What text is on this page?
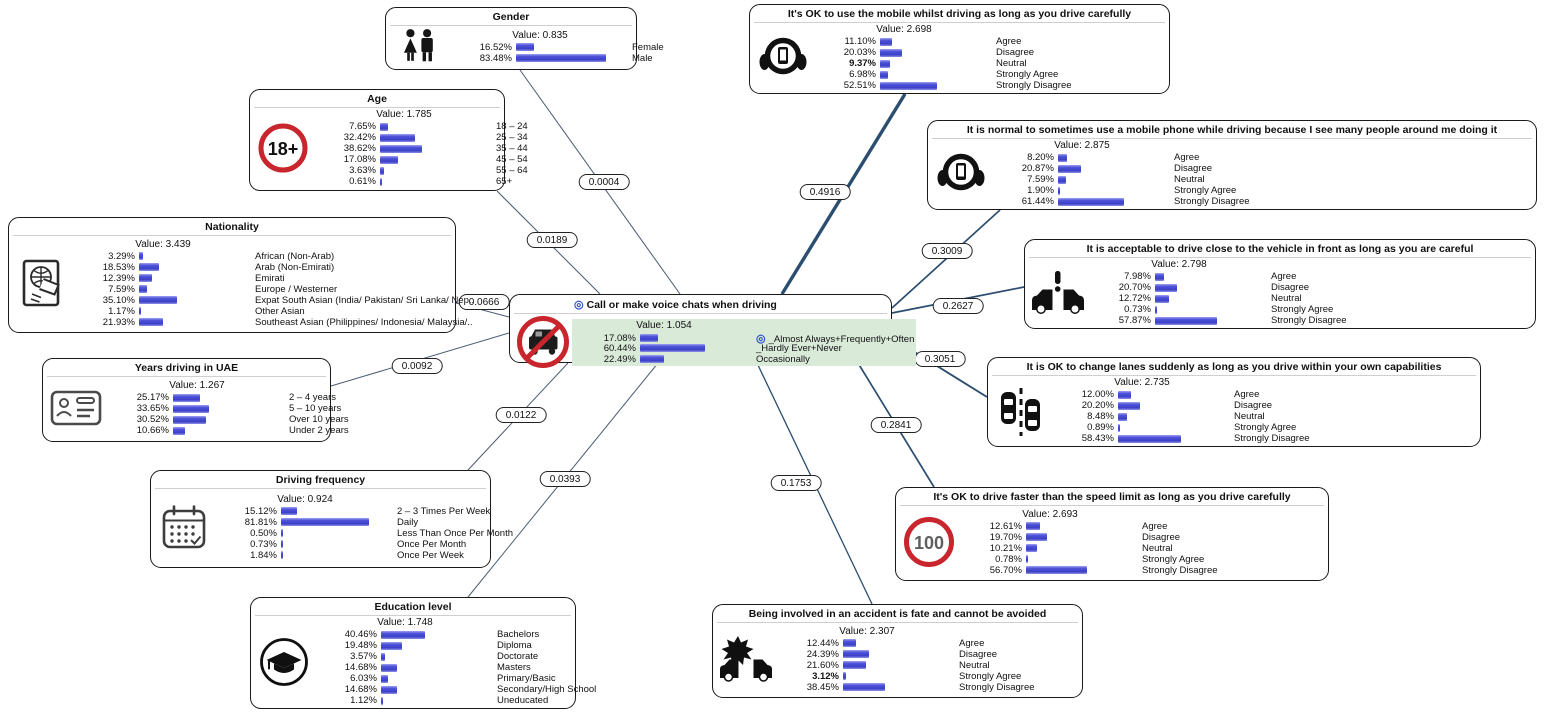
0.0004
0.0189
0.0666
0.0092
0.0122
0.0393
0.4916
0.3009
0.2627
0.3051
0.2841
0.1753
Gender
Value: 0.835
16.52%	Female
83.48%	Male
Age
18+
Value: 1.785
7.65%	18 – 24
32.42%	25 – 34
38.62%	35 – 44
17.08%	45 – 54
3.63%	55 – 64
0.61%	65+
Nationality
Value: 3.439
3.29%	African (Non-Arab)
18.53%	Arab (Non-Emirati)
12.39%	Emirati
7.59%	Europe / Westerner
35.10%	Expat South Asian (India/ Pakistan/ Sri Lanka/ Nep..
1.17%	Other Asian
21.93%	Southeast Asian (Philippines/ Indonesia/ Malaysia/..
Years driving in UAE
Value: 1.267
25.17%	2 – 4 years
33.65%	5 – 10 years
30.52%	Over 10 years
10.66%	Under 2 years
Driving frequency
Value: 0.924
15.12%	2 – 3 Times Per Week
81.81%	Daily
0.50%	Less Than Once Per Month
0.73%	Once Per Month
1.84%	Once Per Week
Education level
Value: 1.748
40.46%	Bachelors
19.48%	Diploma
3.57%	Doctorate
14.68%	Masters
6.03%	Primary/Basic
14.68%	Secondary/High School
1.12%	Uneducated
◎ Call or make voice chats when driving
Value: 1.054
17.08%	◎ _Almost Always+Frequently+Often
60.44%	_Hardly Ever+Never
22.49%	Occasionally
It's OK to use the mobile whilst driving as long as you drive carefully
Value: 2.698
11.10%	Agree
20.03%	Disagree
9.37%	Neutral
6.98%	Strongly Agree
52.51%	Strongly Disagree
It is normal to sometimes use a mobile phone while driving because I see many people around me doing it
Value: 2.875
8.20%	Agree
20.87%	Disagree
7.59%	Neutral
1.90%	Strongly Agree
61.44%	Strongly Disagree
It is acceptable to drive close to the vehicle in front as long as you are careful
Value: 2.798
7.98%	Agree
20.70%	Disagree
12.72%	Neutral
0.73%	Strongly Agree
57.87%	Strongly Disagree
It is OK to change lanes suddenly as long as you drive within your own capabilities
Value: 2.735
12.00%	Agree
20.20%	Disagree
8.48%	Neutral
0.89%	Strongly Agree
58.43%	Strongly Disagree
It's OK to drive faster than the speed limit as long as you drive carefully
100
Value: 2.693
12.61%	Agree
19.70%	Disagree
10.21%	Neutral
0.78%	Strongly Agree
56.70%	Strongly Disagree
Being involved in an accident is fate and cannot be avoided
Value: 2.307
12.44%	Agree
24.39%	Disagree
21.60%	Neutral
3.12%	Strongly Agree
38.45%	Strongly Disagree
